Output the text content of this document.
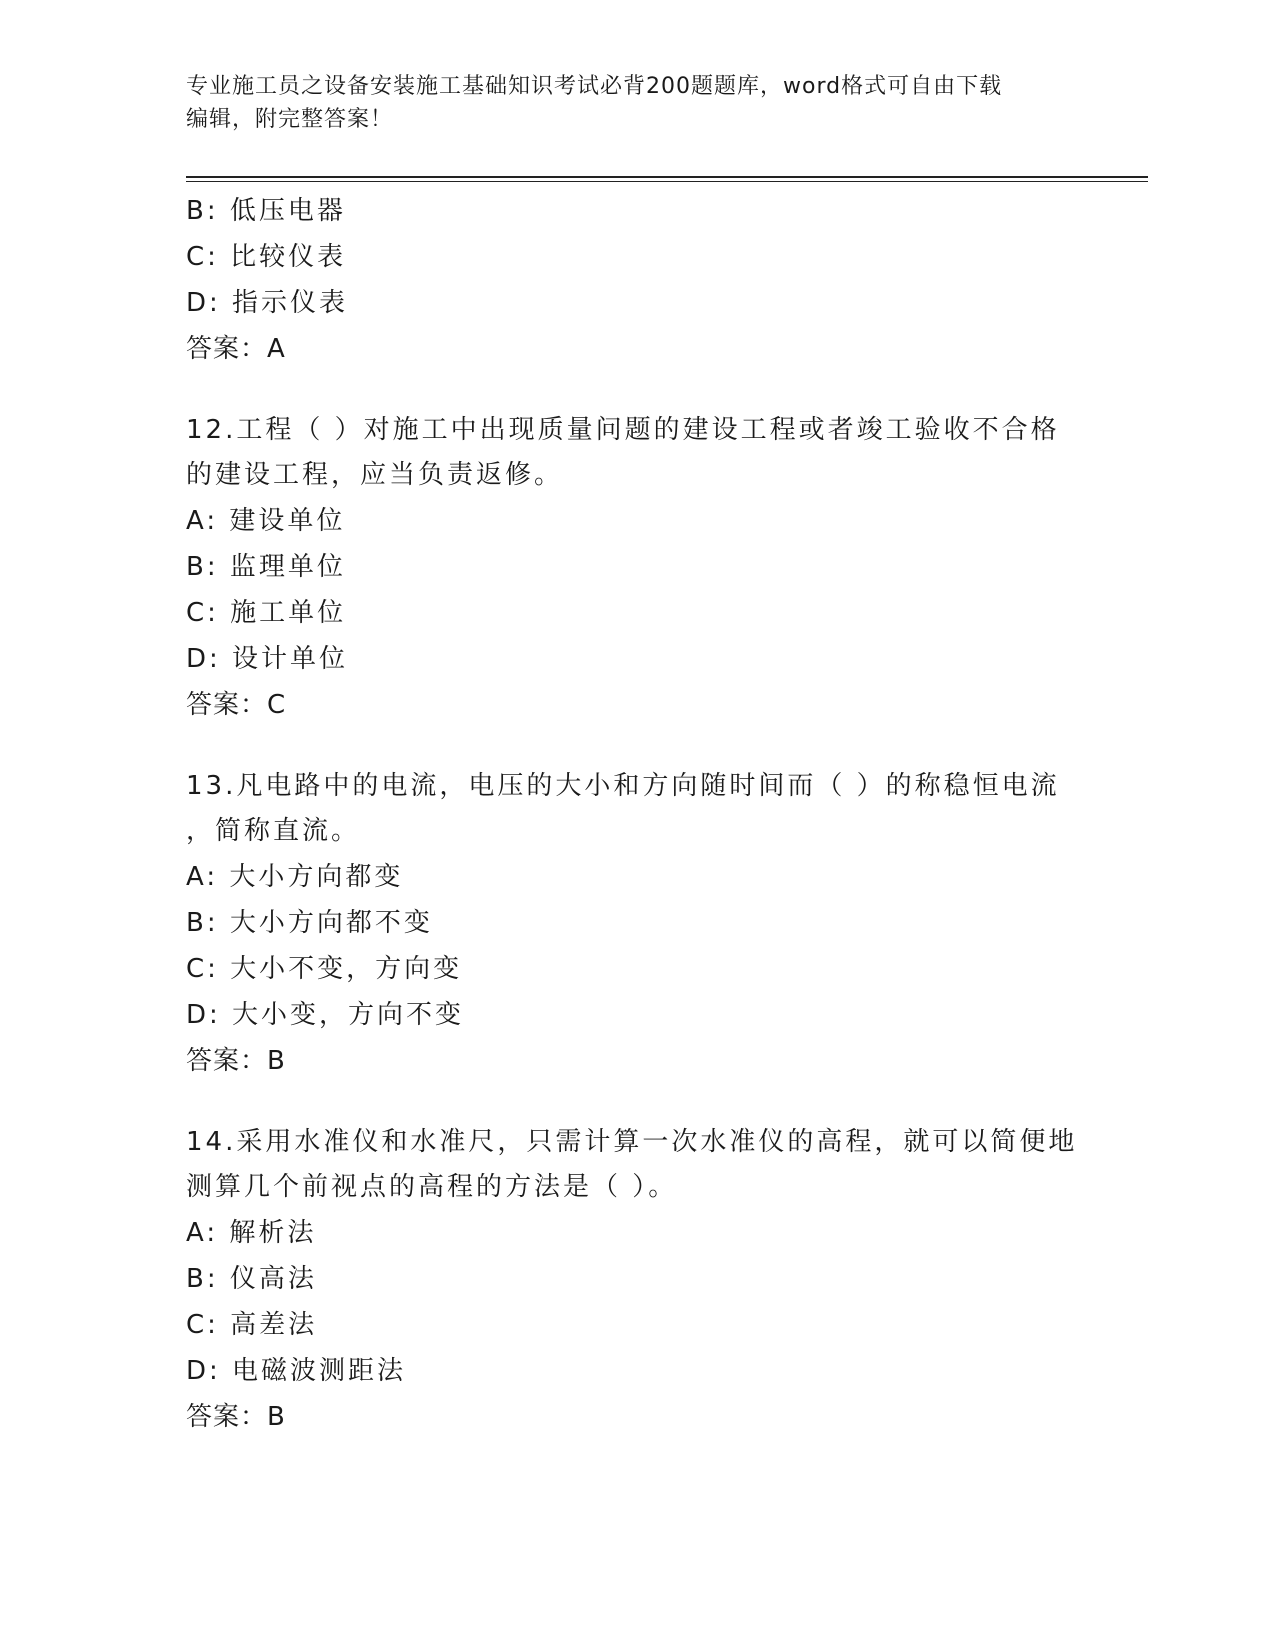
专业施工员之设备安装施工基础知识考试必背200题题库，word格式可自由下载
编辑，附完整答案！
B: 低压电器
C: 比较仪表
D: 指示仪表
答案：A
12.工程（ ）对施工中出现质量问题的建设工程或者竣工验收不合格
的建设工程，应当负责返修。
A: 建设单位
B: 监理单位
C: 施工单位
D: 设计单位
答案：C
13.凡电路中的电流，电压的大小和方向随时间而（ ）的称稳恒电流
，简称直流。
A: 大小方向都变
B: 大小方向都不变
C: 大小不变，方向变
D: 大小变，方向不变
答案：B
14.采用水准仪和水准尺，只需计算一次水准仪的高程，就可以简便地
测算几个前视点的高程的方法是（ ）。
A: 解析法
B: 仪高法
C: 高差法
D: 电磁波测距法
答案：B
